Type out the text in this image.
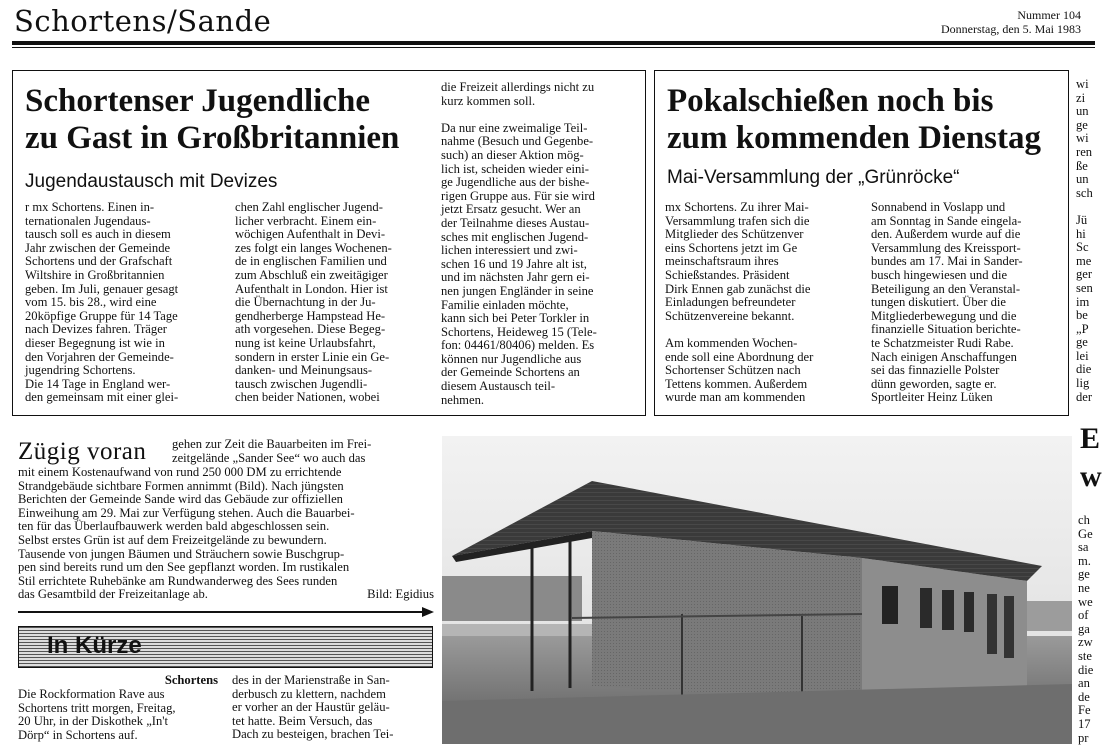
Schortens/Sande	Nummer 104
Donnerstag, den 5. Mai 1983
Schortenser Jugendliche
zu Gast in Großbritannien
Jugendaustausch mit Devizes
r mx Schortens. Einen in-
ternationalen Jugendaus-
tausch soll es auch in diesem
Jahr zwischen der Gemeinde
Schortens und der Grafschaft
Wiltshire in Großbritannien
geben. Im Juli, genauer gesagt
vom 15. bis 28., wird eine
20köpfige Gruppe für 14 Tage
nach Devizes fahren. Träger
dieser Begegnung ist wie in
den Vorjahren der Gemeinde-
jugendring Schortens.
Die 14 Tage in England wer-
den gemeinsam mit einer glei-
chen Zahl englischer Jugend-
licher verbracht. Einem ein-
wöchigen Aufenthalt in Devi-
zes folgt ein langes Wochenen-
de in englischen Familien und
zum Abschluß ein zweitägiger
Aufenthalt in London. Hier ist
die Übernachtung in der Ju-
gendherberge Hampstead He-
ath vorgesehen. Diese Begeg-
nung ist keine Urlaubsfahrt,
sondern in erster Linie ein Ge-
danken- und Meinungsaus-
tausch zwischen Jugendli-
chen beider Nationen, wobei
die Freizeit allerdings nicht zu
kurz kommen soll.

Da nur eine zweimalige Teil-
nahme (Besuch und Gegenbe-
such) an dieser Aktion mög-
lich ist, scheiden wieder eini-
ge Jugendliche aus der bishe-
rigen Gruppe aus. Für sie wird
jetzt Ersatz gesucht. Wer an
der Teilnahme dieses Austau-
sches mit englischen Jugend-
lichen interessiert und zwi-
schen 16 und 19 Jahre alt ist,
und im nächsten Jahr gern ei-
nen jungen Engländer in seine
Familie einladen möchte,
kann sich bei Peter Torkler in
Schortens, Heideweg 15 (Tele-
fon: 04461/80406) melden. Es
können nur Jugendliche aus
der Gemeinde Schortens an
diesem Austausch teil-
nehmen.
Pokalschießen noch bis
zum kommenden Dienstag
Mai-Versammlung der „Grünröcke“
mx Schortens. Zu ihrer Mai-
Versammlung trafen sich die
Mitglieder des Schützenver
eins Schortens jetzt im Ge
meinschaftsraum ihres
Schießstandes. Präsident
Dirk Ennen gab zunächst die
Einladungen befreundeter
Schützenvereine bekannt.

Am kommenden Wochen-
ende soll eine Abordnung der
Schortenser Schützen nach
Tettens kommen. Außerdem
wurde man am kommenden
Sonnabend in Voslapp und
am Sonntag in Sande eingela-
den. Außerdem wurde auf die
Versammlung des Kreissport-
bundes am 17. Mai in Sander-
busch hingewiesen und die
Beteiligung an den Veranstal-
tungen diskutiert. Über die
Mitgliederbewegung und die
finanzielle Situation berichte-
te Schatzmeister Rudi Rabe.
Nach einigen Anschaffungen
sei das finnazielle Polster
dünn geworden, sagte er.
Sportleiter Heinz Lüken
wi
zi
un
ge
wi
ren
ße
un
sch

Jü
hi
Sc
me
ger
sen
im
be
„P
ge
lei
die
lig
der
Zügig voran gehen zur Zeit die Bauarbeiten im Frei-
zeitgelände „Sander See“ wo auch das
mit einem Kostenaufwand von rund 250 000 DM zu errichtende
Strandgebäude sichtbare Formen annimmt (Bild). Nach jüngsten
Berichten der Gemeinde Sande wird das Gebäude zur offiziellen
Einweihung am 29. Mai zur Verfügung stehen. Auch die Bauarbei-
ten für das Überlaufbauwerk werden bald abgeschlossen sein.
Selbst erstes Grün ist auf dem Freizeitgelände zu bewundern.
Tausende von jungen Bäumen und Sträuchern sowie Buschgrup-
pen sind bereits rund um den See gepflanzt worden. Im rustikalen
Stil errichtete Ruhebänke am Rundwanderweg des Sees runden
das Gesamtbild der Freizeitanlage ab.	Bild: Egidius
In Kürze
Schortens
Die Rockformation Rave aus
Schortens tritt morgen, Freitag,
20 Uhr, in der Diskothek „In't
Dörp“ in Schortens auf.
des in der Marienstraße in San-
derbusch zu klettern, nachdem
er vorher an der Haustür geläu-
tet hatte. Beim Versuch, das
Dach zu besteigen, brachen Tei-
E
w
ch
Ge
sa
m.
ge
ne
we
of
ga
zw
ste
die
an
de
Fe
17
pr
